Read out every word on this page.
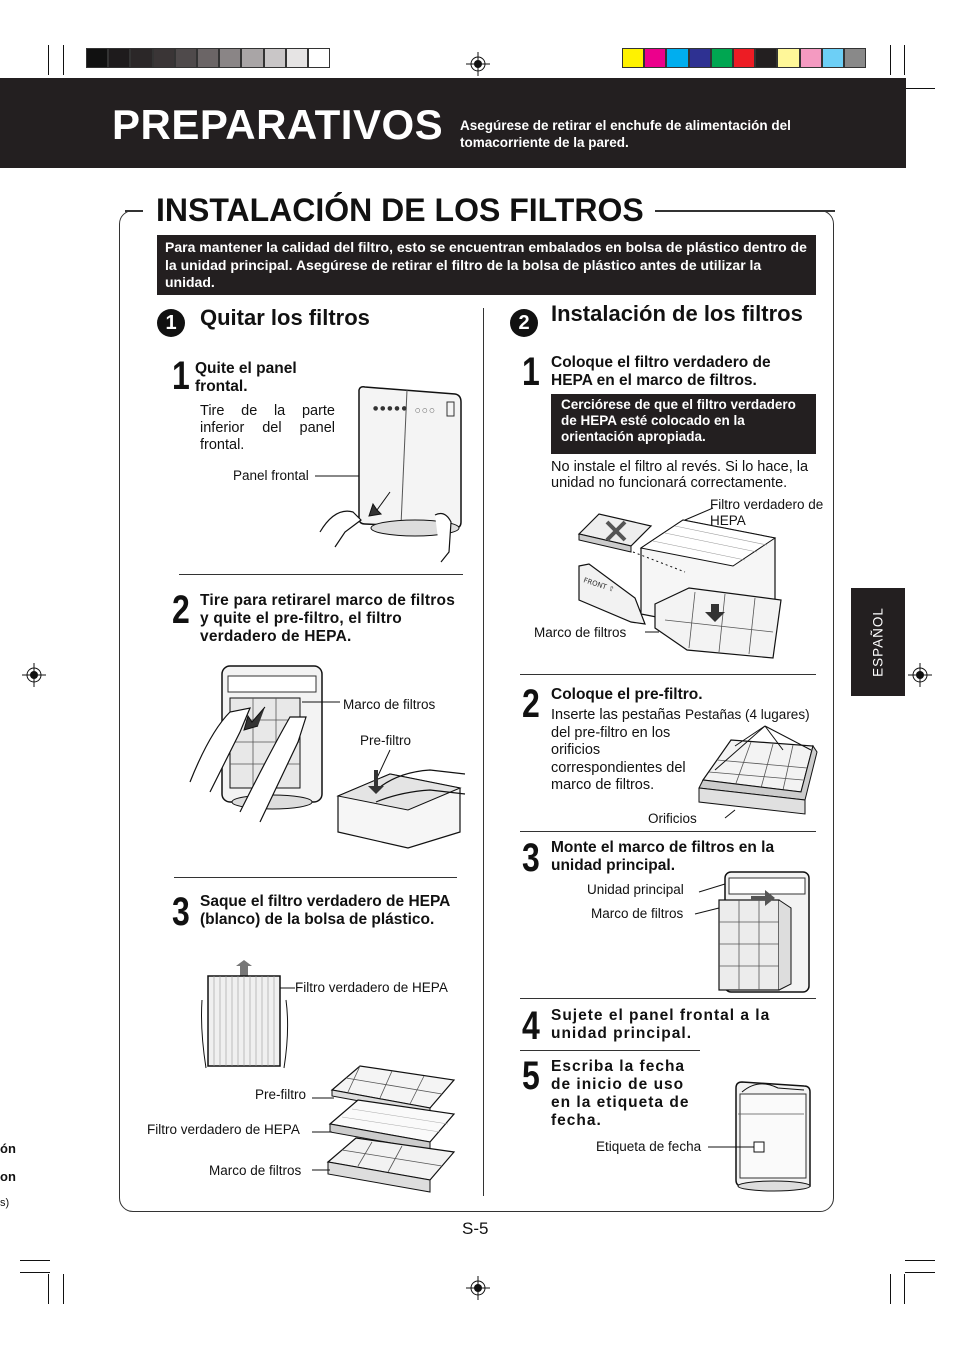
PREPARATIVOS Asegúrese de retirar el enchufe de alimentación del tomacorriente de la pared.
ESPAÑOL
ón
on
s)
INSTALACIÓN DE LOS FILTROS
Para mantener la calidad del filtro, esto se encuentran embalados en bolsa de plástico dentro de la unidad principal. Asegúrese de retirar el filtro de la bolsa de plástico antes de utilizar la unidad.
1	Quitar los filtros
1 Quite el panel frontal.
Tire de la parte inferior del panel frontal.
Panel frontal
● ● ● ● ● ○ ○ ○
2 Tire para retirarel marco de filtros y quite el pre-filtro, el filtro verdadero de HEPA.
Marco de filtros
Pre-filtro
3 Saque el filtro verdadero de HEPA (blanco) de la bolsa de plástico.
Filtro verdadero de HEPA
Pre-filtro
Filtro verdadero de HEPA
Marco de filtros
2 Instalación de los filtros
1 Coloque el filtro verdadero de HEPA en el marco de filtros.
Cerciórese de que el filtro verdadero de HEPA esté colocado en la orientación apropiada.
No instale el filtro al revés. Si lo hace, la unidad no funcionará correctamente.
Filtro verdadero de HEPA
Marco de filtros
FRONT ⇧
2 Coloque el pre-filtro.
Inserte las pestañas del pre-filtro en los orificios correspondientes del marco de filtros.
Pestañas (4 lugares)
Orificios
3 Monte el marco de filtros en la unidad principal.
Unidad principal
Marco de filtros
4 Sujete el panel frontal a la unidad principal.
5 Escriba la fecha de inicio de uso en la etiqueta de fecha.
Etiqueta de fecha
S-5
